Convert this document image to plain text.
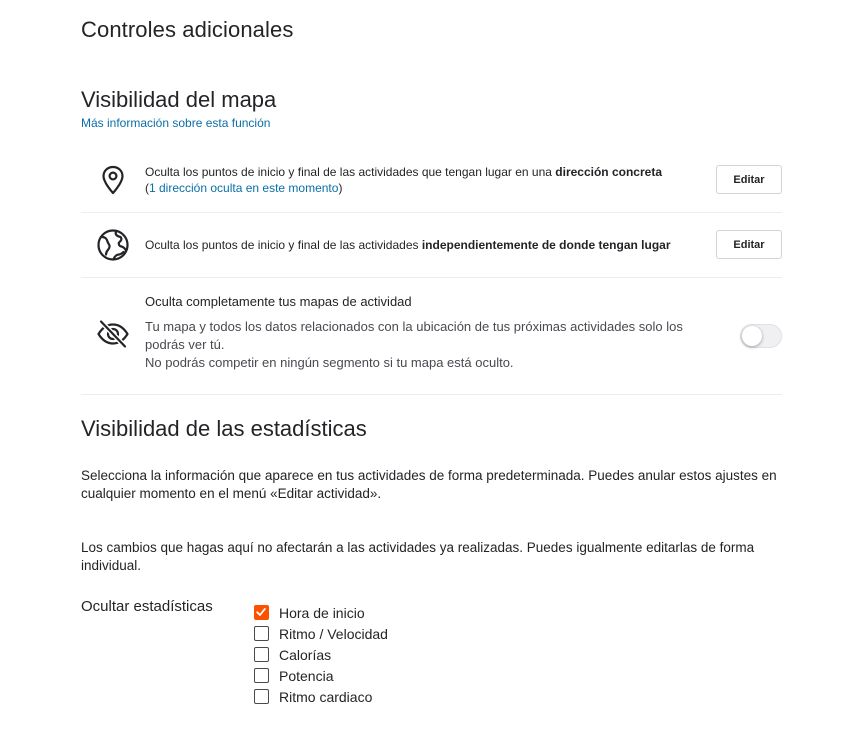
Controles adicionales
Visibilidad del mapa
Más información sobre esta función
Oculta los puntos de inicio y final de las actividades que tengan lugar en una dirección concreta
(1 dirección oculta en este momento)
Editar
Oculta los puntos de inicio y final de las actividades independientemente de donde tengan lugar	Editar
Oculta completamente tus mapas de actividad
Tu mapa y todos los datos relacionados con la ubicación de tus próximas actividades solo los podrás ver tú.
No podrás competir en ningún segmento si tu mapa está oculto.
Visibilidad de las estadísticas
Selecciona la información que aparece en tus actividades de forma predeterminada. Puedes anular estos ajustes en cualquier momento en el menú «Editar actividad».
Los cambios que hagas aquí no afectarán a las actividades ya realizadas. Puedes igualmente editarlas de forma individual.
Ocultar estadísticas	Hora de inicio
Ritmo / Velocidad
Calorías
Potencia
Ritmo cardiaco
